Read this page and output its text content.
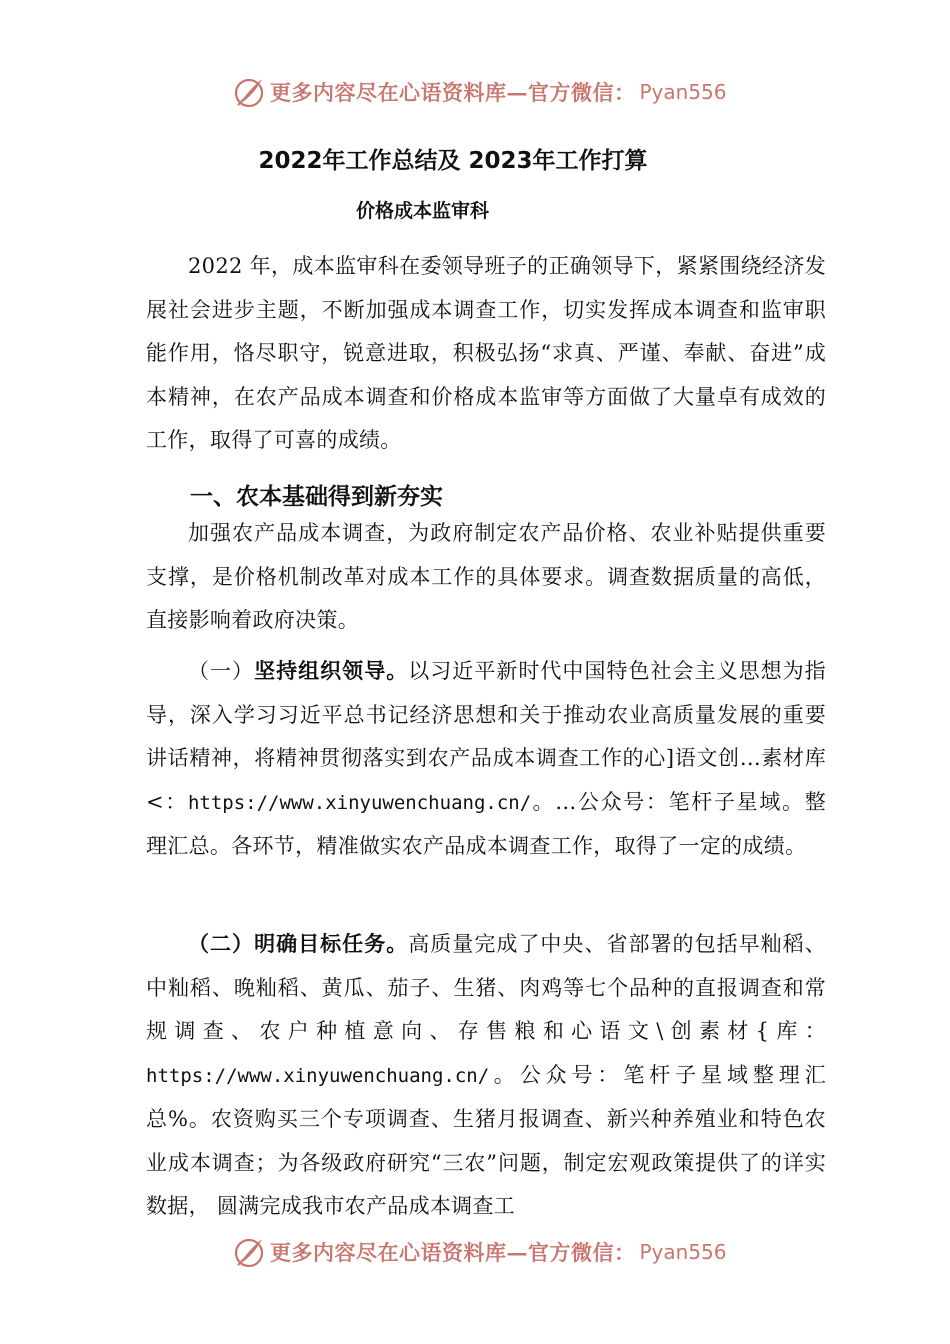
更多内容尽在心语资料库—官方微信： Pyan556
2022年工作总结及 2023年工作打算
价格成本监审科

2022 年，成本监审科在委领导班子的正确领导下，紧紧围绕经济发展社会进步主题，不断加强成本调查工作，切实发挥成本调查和监审职能作用，恪尽职守，锐意进取，积极弘扬“求真、严谨、奉献、奋进”成本精神，在农产品成本调查和价格成本监审等方面做了大量卓有成效的工作，取得了可喜的成绩。

一、农本基础得到新夯实

加强农产品成本调查，为政府制定农产品价格、农业补贴提供重要支撑，是价格机制改革对成本工作的具体要求。调查数据质量的高低，直接影响着政府决策。

（一）坚持组织领导。以习近平新时代中国特色社会主义思想为指导，深入学习习近平总书记经济思想和关于推动农业高质量发展的重要讲话精神，将精神贯彻落实到农产品成本调查工作的心]语文创…素材库<：https://www.xinyuwenchuang.cn/。…公众号：笔杆子星域。整理汇总。各环节，精准做实农产品成本调查工作，取得了一定的成绩。

（二）明确目标任务。高质量完成了中央、省部署的包括早籼稻、中籼稻、晚籼稻、黄瓜、茄子、生猪、肉鸡等七个品种的直报调查和常规调查、农户种植意向、存售粮和心语文\创素材{库：https://www.xinyuwenchuang.cn/。公众号：笔杆子星域整理汇总%。农资购买三个专项调查、生猪月报调查、新兴种养殖业和特色农业成本调查；为各级政府研究“三农”问题，制定宏观政策提供了的详实数据， 圆满完成我市农产品成本调查工

更多内容尽在心语资料库—官方微信： Pyan556
